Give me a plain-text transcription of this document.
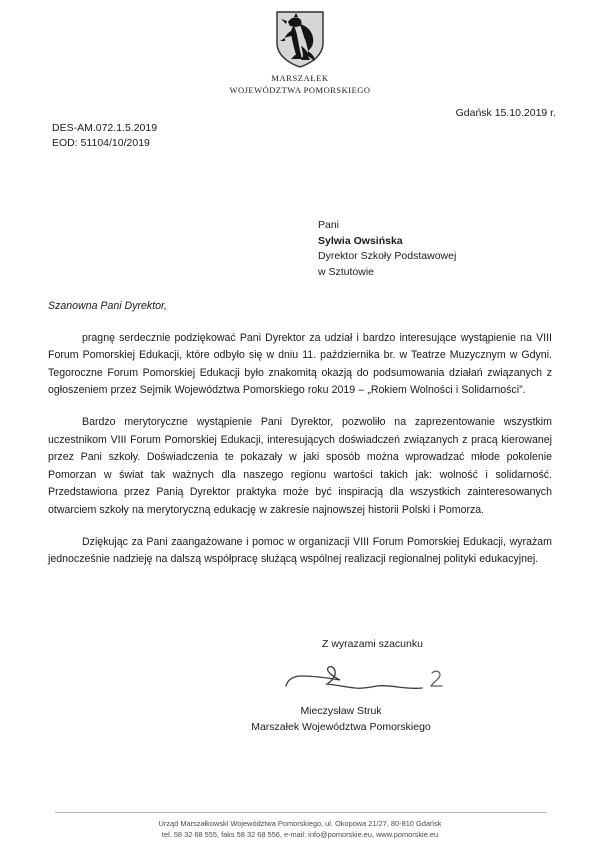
MARSZAŁEK
WOJEWÓDZTWA POMORSKIEGO
Gdańsk 15.10.2019 r.
DES-AM.072.1.5.2019
EOD: 51104/10/2019
Pani
Sylwia Owsińska
Dyrektor Szkoły Podstawowej
w Sztutowie
Szanowna Pani Dyrektor,

pragnę serdecznie podziękować Pani Dyrektor za udział i bardzo interesujące wystąpienie na VIII Forum Pomorskiej Edukacji, które odbyło się w dniu 11. października br. w Teatrze Muzycznym w Gdyni. Tegoroczne Forum Pomorskiej Edukacji było znakomitą okazją do podsumowania działań związanych z ogłoszeniem przez Sejmik Województwa Pomorskiego roku 2019 – „Rokiem Wolności i Solidarności”.

Bardzo merytoryczne wystąpienie Pani Dyrektor, pozwoliło na zaprezentowanie wszystkim uczestnikom VIII Forum Pomorskiej Edukacji, interesujących doświadczeń związanych z pracą kierowanej przez Pani szkoły. Doświadczenia te pokazały w jaki sposób można wprowadzać młode pokolenie Pomorzan w świat tak ważnych dla naszego regionu wartości takich jak: wolność i solidarność. Przedstawiona przez Panią Dyrektor praktyka może być inspiracją dla wszystkich zainteresowanych otwarciem szkoły na merytoryczną edukację w zakresie najnowszej historii Polski i Pomorza.

Dziękując za Pani zaangażowane i pomoc w organizacji VIII Forum Pomorskiej Edukacji, wyrażam jednocześnie nadzieję na dalszą współpracę służącą wspólnej realizacji regionalnej polityki edukacyjnej.

Z wyrazami szacunku
Mieczysław Struk
Marszałek Województwa Pomorskiego
Urząd Marszałkowski Województwa Pomorskiego, ul. Okopowa 21/27, 80-810 Gdańsk
tel. 58 32 68 555, faks 58 32 68 556, e-mail: info@pomorskie.eu, www.pomorskie.eu
